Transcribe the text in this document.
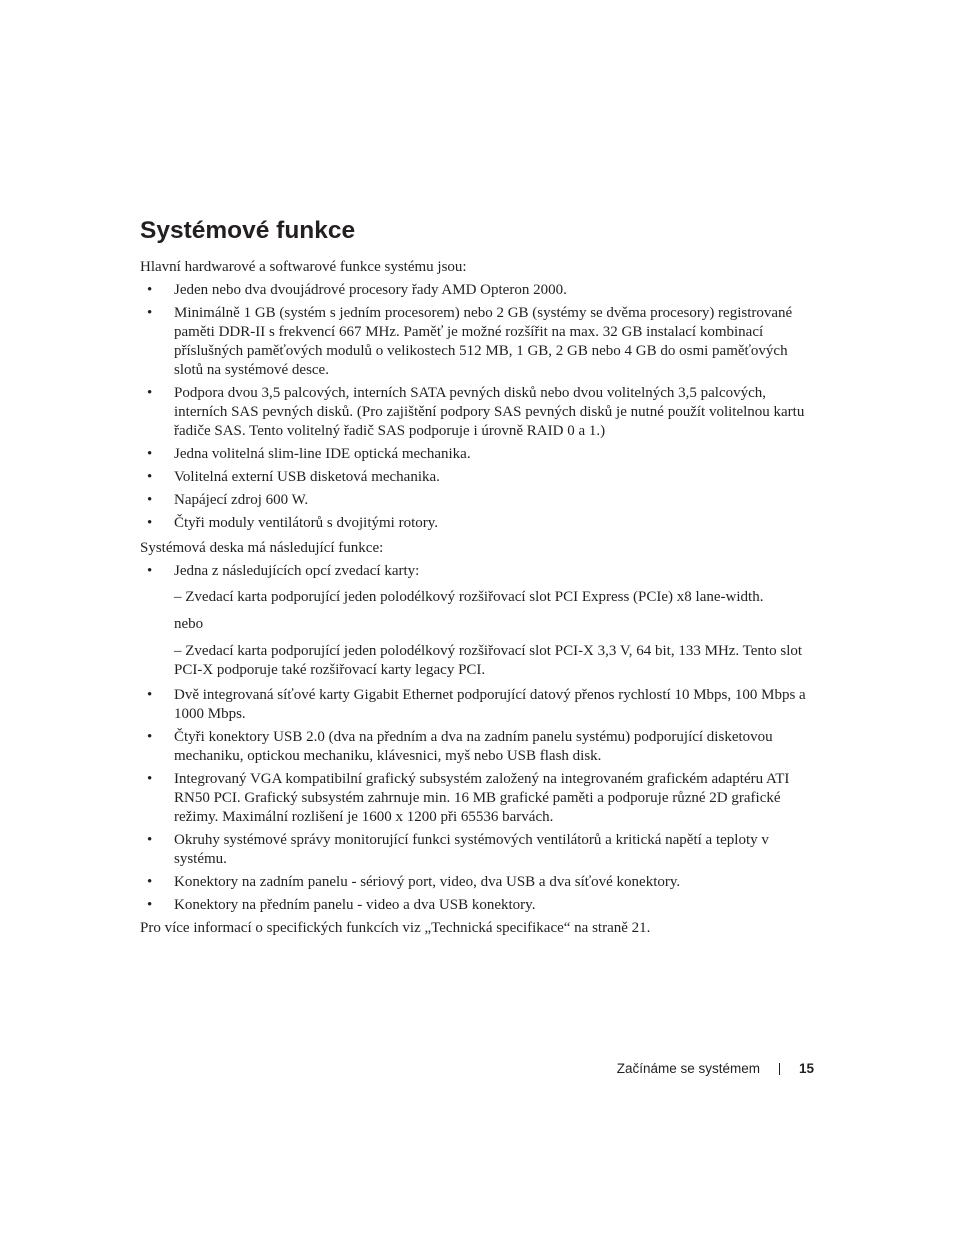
Systémové funkce

Hlavní hardwarové a softwarové funkce systému jsou:

• Jeden nebo dva dvoujádrové procesory řady AMD Opteron 2000.
• Minimálně 1 GB (systém s jedním procesorem) nebo 2 GB (systémy se dvěma procesory) registrované paměti DDR-II s frekvencí 667 MHz. Paměť je možné rozšířit na max. 32 GB instalací kombinací příslušných paměťových modulů o velikostech 512 MB, 1 GB, 2 GB nebo 4 GB do osmi paměťových slotů na systémové desce.
• Podpora dvou 3,5 palcových, interních SATA pevných disků nebo dvou volitelných 3,5 palcových, interních SAS pevných disků. (Pro zajištění podpory SAS pevných disků je nutné použít volitelnou kartu řadiče SAS. Tento volitelný řadič SAS podporuje i úrovně RAID 0 a 1.)
• Jedna volitelná slim-line IDE optická mechanika.
• Volitelná externí USB disketová mechanika.
• Napájecí zdroj 600 W.
• Čtyři moduly ventilátorů s dvojitými rotory.

Systémová deska má následující funkce:

• Jedna z následujících opcí zvedací karty:

– Zvedací karta podporující jeden polodélkový rozšiřovací slot PCI Express (PCIe) x8 lane-width.

nebo

– Zvedací karta podporující jeden polodélkový rozšiřovací slot PCI-X 3,3 V, 64 bit, 133 MHz. Tento slot PCI-X podporuje také rozšiřovací karty legacy PCI.

• Dvě integrovaná síťové karty Gigabit Ethernet podporující datový přenos rychlostí 10 Mbps, 100 Mbps a 1000 Mbps.
• Čtyři konektory USB 2.0 (dva na předním a dva na zadním panelu systému) podporující disketovou mechaniku, optickou mechaniku, klávesnici, myš nebo USB flash disk.
• Integrovaný VGA kompatibilní grafický subsystém založený na integrovaném grafickém adaptéru ATI RN50 PCI. Grafický subsystém zahrnuje min. 16 MB grafické paměti a podporuje různé 2D grafické režimy. Maximální rozlišení je 1600 x 1200 při 65536 barvách.
• Okruhy systémové správy monitorující funkci systémových ventilátorů a kritická napětí a teploty v systému.
• Konektory na zadním panelu - sériový port, video, dva USB a dva síťové konektory.
• Konektory na předním panelu - video a dva USB konektory.

Pro více informací o specifických funkcích viz „Technická specifikace“ na straně 21.

Začínáme se systémem	15
